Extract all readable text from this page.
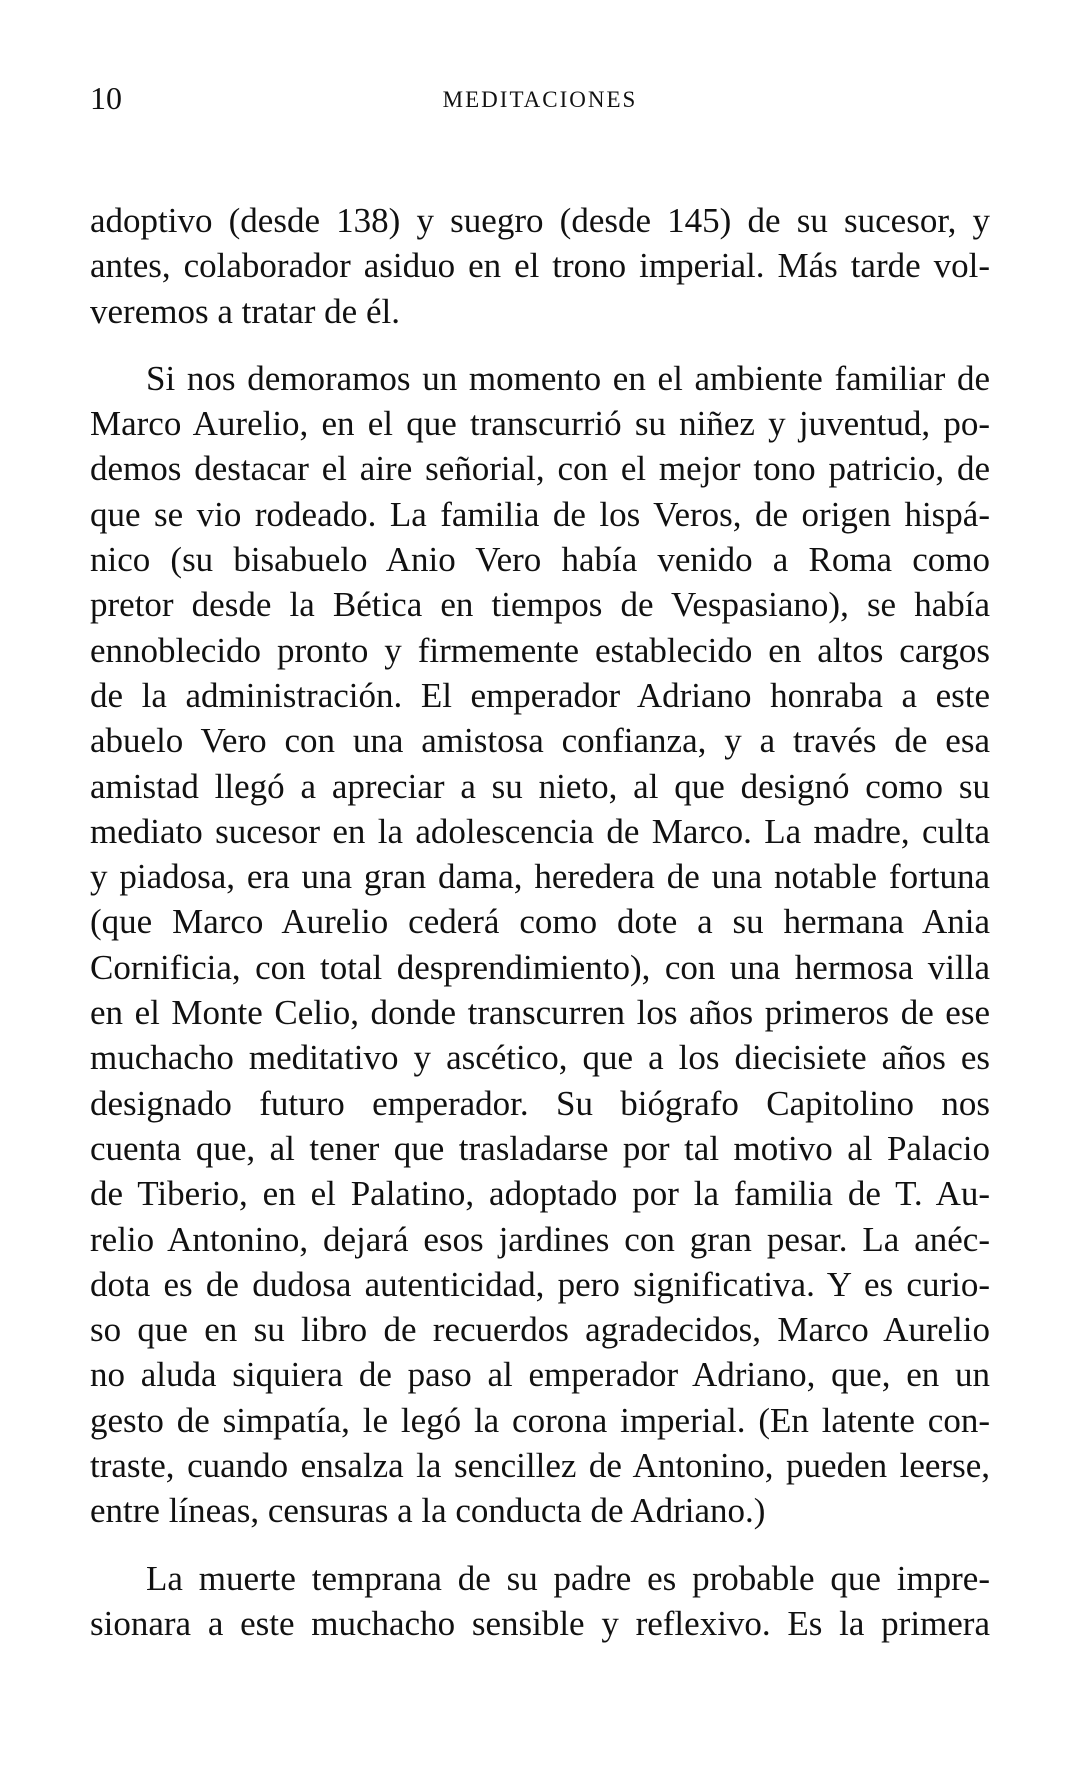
10	MEDITACIONES
adoptivo (desde 138) y suegro (desde 145) de su sucesor, y
antes, colaborador asiduo en el trono imperial. Más tarde vol-
veremos a tratar de él.
Si nos demoramos un momento en el ambiente familiar de
Marco Aurelio, en el que transcurrió su niñez y juventud, po-
demos destacar el aire señorial, con el mejor tono patricio, de
que se vio rodeado. La familia de los Veros, de origen hispá-
nico (su bisabuelo Anio Vero había venido a Roma como
pretor desde la Bética en tiempos de Vespasiano), se había
ennoblecido pronto y firmemente establecido en altos cargos
de la administración. El emperador Adriano honraba a este
abuelo Vero con una amistosa confianza, y a través de esa
amistad llegó a apreciar a su nieto, al que designó como su
mediato sucesor en la adolescencia de Marco. La madre, culta
y piadosa, era una gran dama, heredera de una notable fortuna
(que Marco Aurelio cederá como dote a su hermana Ania
Cornificia, con total desprendimiento), con una hermosa villa
en el Monte Celio, donde transcurren los años primeros de ese
muchacho meditativo y ascético, que a los diecisiete años es
designado futuro emperador. Su biógrafo Capitolino nos
cuenta que, al tener que trasladarse por tal motivo al Palacio
de Tiberio, en el Palatino, adoptado por la familia de T. Au-
relio Antonino, dejará esos jardines con gran pesar. La anéc-
dota es de dudosa autenticidad, pero significativa. Y es curio-
so que en su libro de recuerdos agradecidos, Marco Aurelio
no aluda siquiera de paso al emperador Adriano, que, en un
gesto de simpatía, le legó la corona imperial. (En latente con-
traste, cuando ensalza la sencillez de Antonino, pueden leerse,
entre líneas, censuras a la conducta de Adriano.)
La muerte temprana de su padre es probable que impre-
sionara a este muchacho sensible y reflexivo. Es la primera
